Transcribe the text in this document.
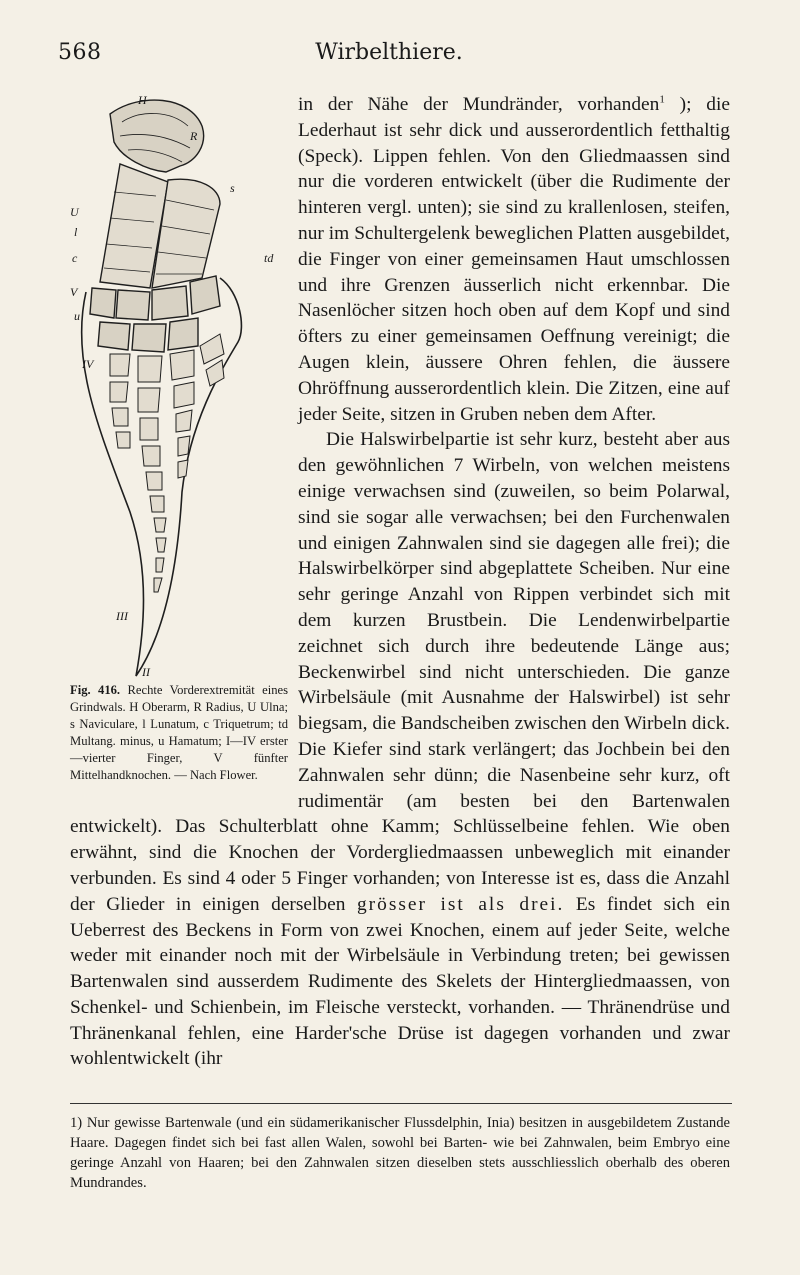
568	Wirbelthiere.

in der Nähe der Mundränder, vorhanden$^1$
H
R
U
s
l
c	td
V
u
IV
III
II
Fig. 416. Rechte Vorderextremität eines Grindwals. H Oberarm, R Radius, U Ulna; s Naviculare, l Lunatum, c Triquetrum; td Multang. minus, u Hamatum; I—IV erster—vierter Finger, V fünfter Mittelhandknochen. — Nach Flower.
); die Lederhaut ist sehr dick und ausserordentlich fetthaltig (Speck). Lippen fehlen. Von den Gliedmaassen sind nur die vorderen entwickelt (über die Rudimente der hinteren vergl. unten); sie sind zu krallenlosen, steifen, nur im Schultergelenk beweglichen Platten ausgebildet, die Finger von einer gemeinsamen Haut umschlossen und ihre Grenzen äusserlich nicht erkennbar. Die Nasenlöcher sitzen hoch oben auf dem Kopf und sind öfters zu einer gemeinsamen Oeffnung vereinigt; die Augen klein, äussere Ohren fehlen, die äussere Ohröffnung ausserordentlich klein. Die Zitzen, eine auf jeder Seite, sitzen in Gruben neben dem After.

Die Halswirbelpartie ist sehr kurz, besteht aber aus den gewöhnlichen 7 Wirbeln, von welchen meistens einige verwachsen sind (zuweilen, so beim Polarwal, sind sie sogar alle verwachsen; bei den Furchenwalen und einigen Zahnwalen sind sie dagegen alle frei); die Halswirbelkörper sind abgeplattete Scheiben. Nur eine sehr geringe Anzahl von Rippen verbindet sich mit dem kurzen Brustbein. Die Lendenwirbelpartie zeichnet sich durch ihre bedeutende Länge aus; Beckenwirbel sind nicht unterschieden. Die ganze Wirbelsäule (mit Ausnahme der Halswirbel) ist sehr biegsam, die Bandscheiben zwischen den Wirbeln dick. Die Kiefer sind stark verlängert; das Jochbein bei den Zahnwalen sehr dünn; die Nasenbeine sehr kurz, oft rudimentär (am besten bei den Bartenwalen entwickelt). Das Schulterblatt ohne Kamm; Schlüsselbeine fehlen. Wie oben erwähnt, sind die Knochen der Vordergliedmaassen unbeweglich mit einander verbunden. Es sind 4 oder 5 Finger vorhanden; von Interesse ist es, dass die Anzahl der Glieder in einigen derselben grösser ist als drei. Es findet sich ein Ueberrest des Beckens in Form von zwei Knochen, einem auf jeder Seite, welche weder mit einander noch mit der Wirbelsäule in Verbindung treten; bei gewissen Bartenwalen sind ausserdem Rudimente des Skelets der Hintergliedmaassen, von Schenkel- und Schienbein, im Fleische versteckt, vorhanden. — Thränendrüse und Thränenkanal fehlen, eine Harder'sche Drüse ist dagegen vorhanden und zwar wohlentwickelt (ihr

1) Nur gewisse Bartenwale (und ein südamerikanischer Flussdelphin, Inia) besitzen in ausgebildetem Zustande Haare. Dagegen findet sich bei fast allen Walen, sowohl bei Barten- wie bei Zahnwalen, beim Embryo eine geringe Anzahl von Haaren; bei den Zahnwalen sitzen dieselben stets ausschliesslich oberhalb des oberen Mundrandes.
